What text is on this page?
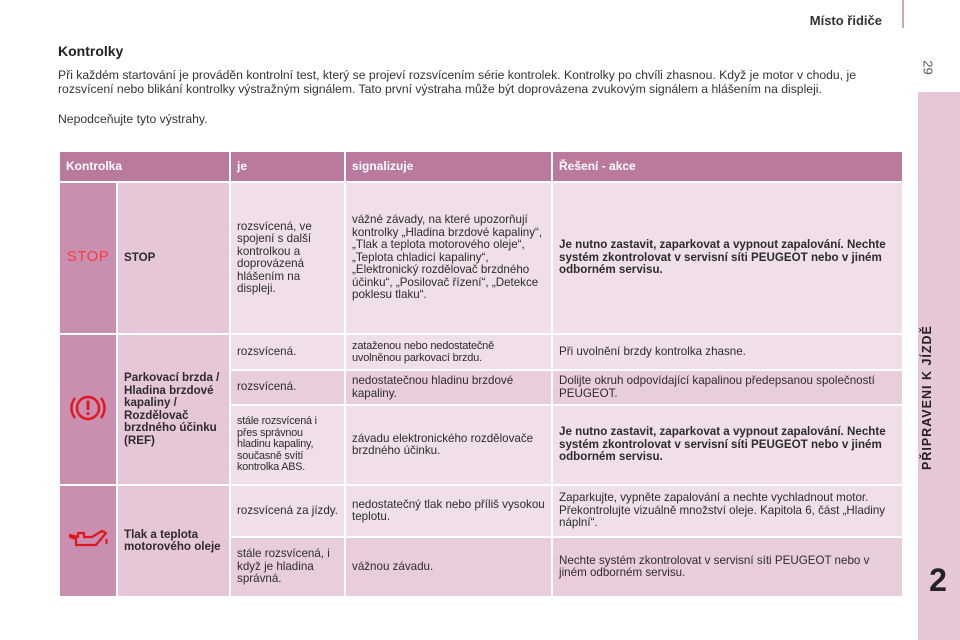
Místo řidiče
29
PŘIPRAVENI K JÍZDĚ
2
Kontrolky

Při každém startování je prováděn kontrolní test, který se projeví rozsvícením série kontrolek. Kontrolky po chvíli zhasnou. Když je motor v chodu, je rozsvícení nebo blikání kontrolky výstražným signálem. Tato první výstraha může být doprovázena zvukovým signálem a hlášením na displeji.

Nepodceňujte tyto výstrahy.

Kontrolka		je	signalizuje	Řešení - akce
STOP	STOP	rozsvícená, ve spojení s další kontrolkou a doprovázená hlášením na displeji.	vážné závady, na které upozorňují kontrolky „Hladina brzdové kapaliny“, „Tlak a teplota motorového oleje“, „Teplota chladicí kapaliny“, „Elektronický rozdělovač brzdného účinku“, „Posilovač řízení“, „Detekce poklesu tlaku“.	Je nutno zastavit, zaparkovat a vypnout zapalování. Nechte systém zkontrolovat v servisní síti PEUGEOT nebo v jiném odborném servisu.
	Parkovací brzda / Hladina brzdové kapaliny / Rozdělovač brzdného účinku (REF)	rozsvícená.	zataženou nebo nedostatečně uvolněnou parkovací brzdu.	Při uvolnění brzdy kontrolka zhasne.
		rozsvícená.	nedostatečnou hladinu brzdové kapaliny.	Dolijte okruh odpovídající kapalinou předepsanou společností PEUGEOT.
		stále rozsvícená i přes správnou hladinu kapaliny, současně svítí kontrolka ABS.	závadu elektronického rozdělovače brzdného účinku.	Je nutno zastavit, zaparkovat a vypnout zapalování. Nechte systém zkontrolovat v servisní síti PEUGEOT nebo v jiném odborném servisu.
	Tlak a teplota motorového oleje	rozsvícená za jízdy.	nedostatečný tlak nebo příliš vysokou teplotu.	Zaparkujte, vypněte zapalování a nechte vychladnout motor. Překontrolujte vizuálně množství oleje. Kapitola 6, část „Hladiny náplní“.
		stále rozsvícená, i když je hladina správná.	vážnou závadu.	Nechte systém zkontrolovat v servisní síti PEUGEOT nebo v jiném odborném servisu.
